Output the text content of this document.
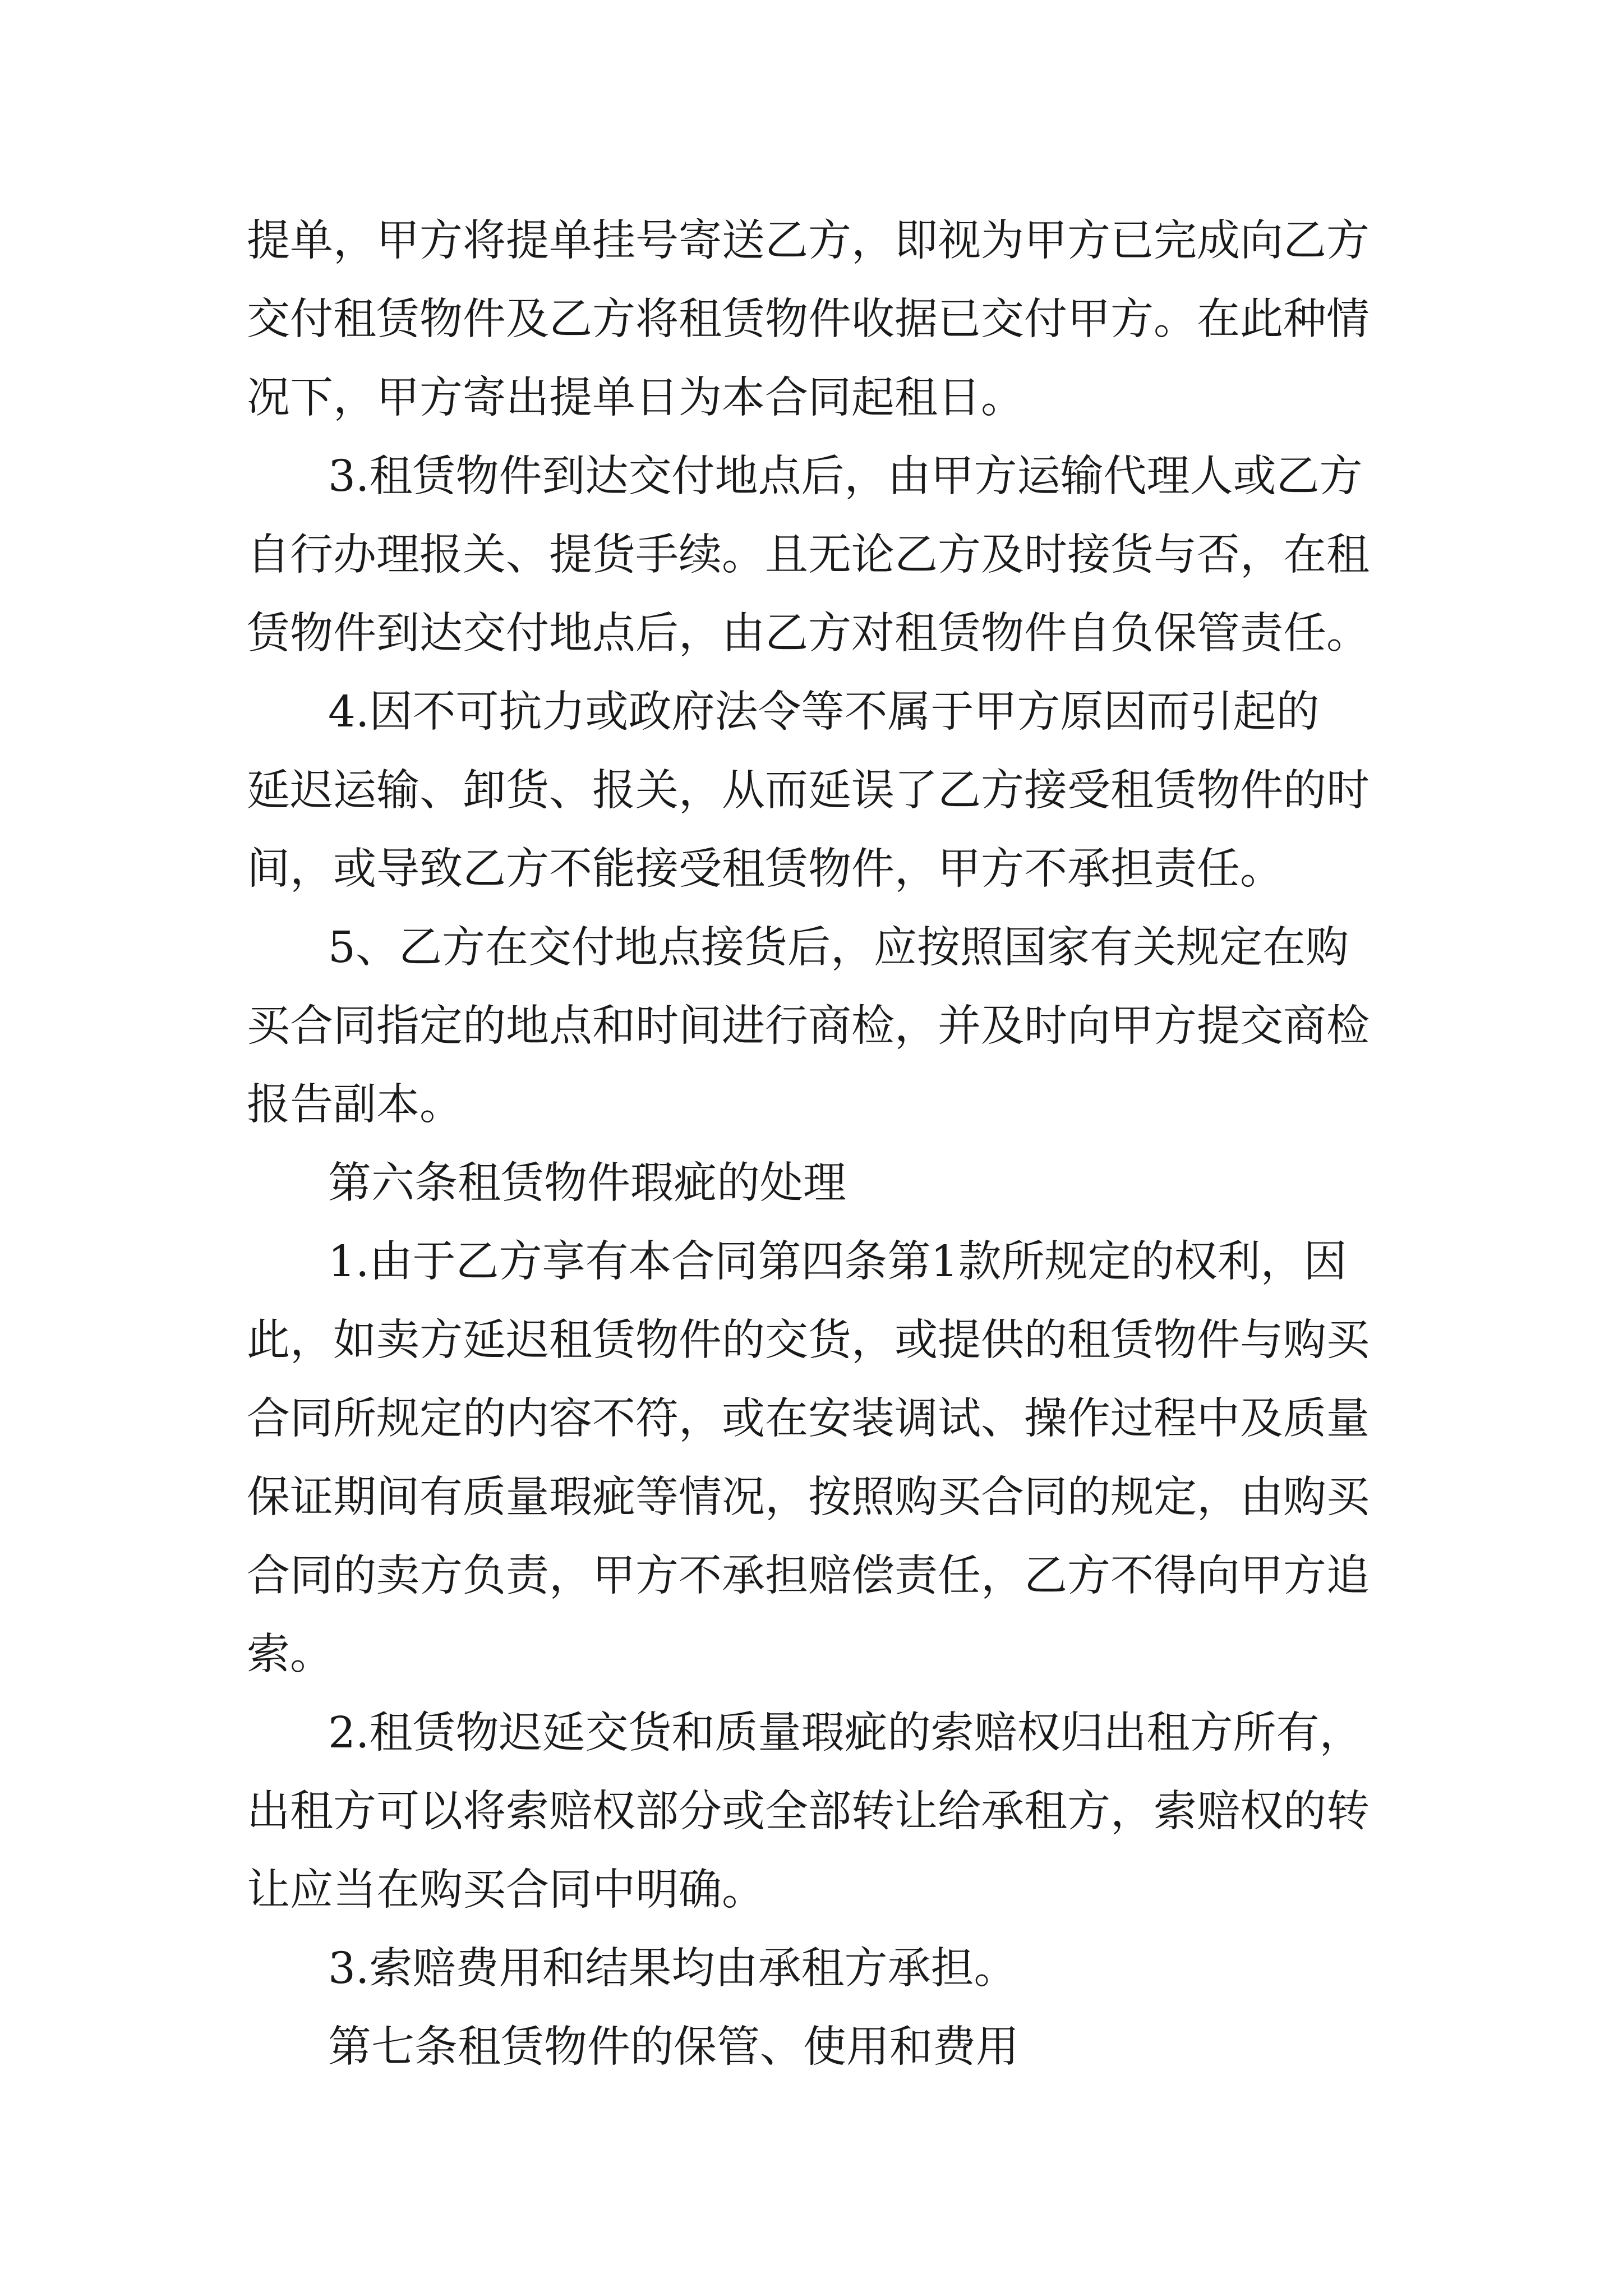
提单，甲方将提单挂号寄送乙方，即视为甲方已完成向乙方
交付租赁物件及乙方将租赁物件收据已交付甲方。在此种情
况下，甲方寄出提单日为本合同起租日。
3.租赁物件到达交付地点后，由甲方运输代理人或乙方
自行办理报关、提货手续。且无论乙方及时接货与否，在租
赁物件到达交付地点后，由乙方对租赁物件自负保管责任。
4.因不可抗力或政府法令等不属于甲方原因而引起的
延迟运输、卸货、报关，从而延误了乙方接受租赁物件的时
间，或导致乙方不能接受租赁物件，甲方不承担责任。
5、乙方在交付地点接货后，应按照国家有关规定在购
买合同指定的地点和时间进行商检，并及时向甲方提交商检
报告副本。
第六条租赁物件瑕疵的处理
1.由于乙方享有本合同第四条第1款所规定的权利，因
此，如卖方延迟租赁物件的交货，或提供的租赁物件与购买
合同所规定的内容不符，或在安装调试、操作过程中及质量
保证期间有质量瑕疵等情况，按照购买合同的规定，由购买
合同的卖方负责，甲方不承担赔偿责任，乙方不得向甲方追
索。
2.租赁物迟延交货和质量瑕疵的索赔权归出租方所有，
出租方可以将索赔权部分或全部转让给承租方，索赔权的转
让应当在购买合同中明确。
3.索赔费用和结果均由承租方承担。
第七条租赁物件的保管、使用和费用
